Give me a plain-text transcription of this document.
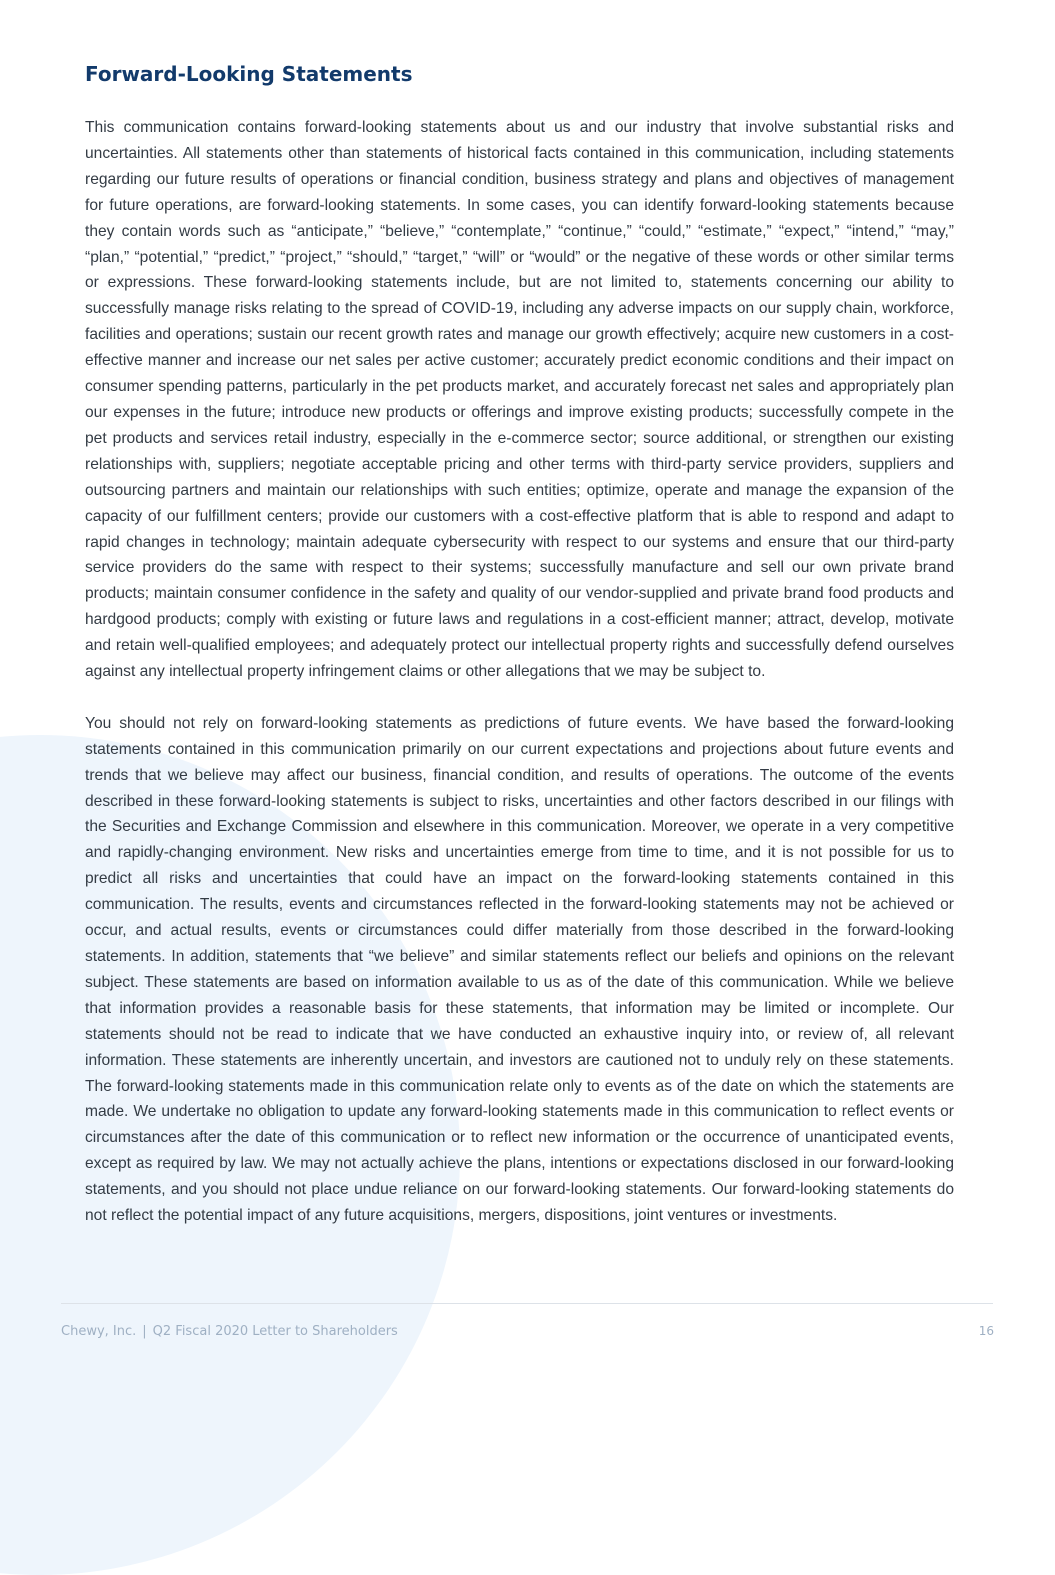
Forward-Looking Statements

This communication contains forward-looking statements about us and our industry that involve substantial risks and uncertainties. All statements other than statements of historical facts contained in this communication, including statements regarding our future results of operations or financial condition, business strategy and plans and objectives of management for future operations, are forward-looking statements. In some cases, you can identify forward-looking statements because they contain words such as “anticipate,” “believe,” “contemplate,” “continue,” “could,” “estimate,” “expect,” “intend,” “may,” “plan,” “potential,” “predict,” “project,” “should,” “target,” “will” or “would” or the negative of these words or other similar terms or expressions. These forward-looking statements include, but are not limited to, statements concerning our ability to successfully manage risks relating to the spread of COVID-19, including any adverse impacts on our supply chain, workforce, facilities and operations; sustain our recent growth rates and manage our growth effectively; acquire new customers in a cost-effective manner and increase our net sales per active customer; accurately predict economic conditions and their impact on consumer spending patterns, particularly in the pet products market, and accurately forecast net sales and appropriately plan our expenses in the future; introduce new products or offerings and improve existing products; successfully compete in the pet products and services retail industry, especially in the e-commerce sector; source additional, or strengthen our existing relationships with, suppliers; negotiate acceptable pricing and other terms with third-party service providers, suppliers and outsourcing partners and maintain our relationships with such entities; optimize, operate and manage the expansion of the capacity of our fulfillment centers; provide our customers with a cost-effective platform that is able to respond and adapt to rapid changes in technology; maintain adequate cybersecurity with respect to our systems and ensure that our third-party service providers do the same with respect to their systems; successfully manufacture and sell our own private brand products; maintain consumer confidence in the safety and quality of our vendor-supplied and private brand food products and hardgood products; comply with existing or future laws and regulations in a cost-efficient manner; attract, develop, motivate and retain well-qualified employees; and adequately protect our intellectual property rights and successfully defend ourselves against any intellectual property infringement claims or other allegations that we may be subject to.

You should not rely on forward-looking statements as predictions of future events. We have based the forward-looking statements contained in this communication primarily on our current expectations and projections about future events and trends that we believe may affect our business, financial condition, and results of operations. The outcome of the events described in these forward-looking statements is subject to risks, uncertainties and other factors described in our filings with the Securities and Exchange Commission and elsewhere in this communication. Moreover, we operate in a very competitive and rapidly-changing environment. New risks and uncertainties emerge from time to time, and it is not possible for us to predict all risks and uncertainties that could have an impact on the forward-looking statements contained in this communication. The results, events and circumstances reflected in the forward-looking statements may not be achieved or occur, and actual results, events or circumstances could differ materially from those described in the forward-looking statements. In addition, statements that “we believe” and similar statements reflect our beliefs and opinions on the relevant subject. These statements are based on information available to us as of the date of this communication. While we believe that information provides a reasonable basis for these statements, that information may be limited or incomplete. Our statements should not be read to indicate that we have conducted an exhaustive inquiry into, or review of, all relevant information. These statements are inherently uncertain, and investors are cautioned not to unduly rely on these statements. The forward-looking statements made in this communication relate only to events as of the date on which the statements are made. We undertake no obligation to update any forward-looking statements made in this communication to reflect events or circumstances after the date of this communication or to reflect new information or the occurrence of unanticipated events, except as required by law. We may not actually achieve the plans, intentions or expectations disclosed in our forward-looking statements, and you should not place undue reliance on our forward-looking statements. Our forward-looking statements do not reflect the potential impact of any future acquisitions, mergers, dispositions, joint ventures or investments.

Chewy, Inc. | Q2 Fiscal 2020 Letter to Shareholders	16
